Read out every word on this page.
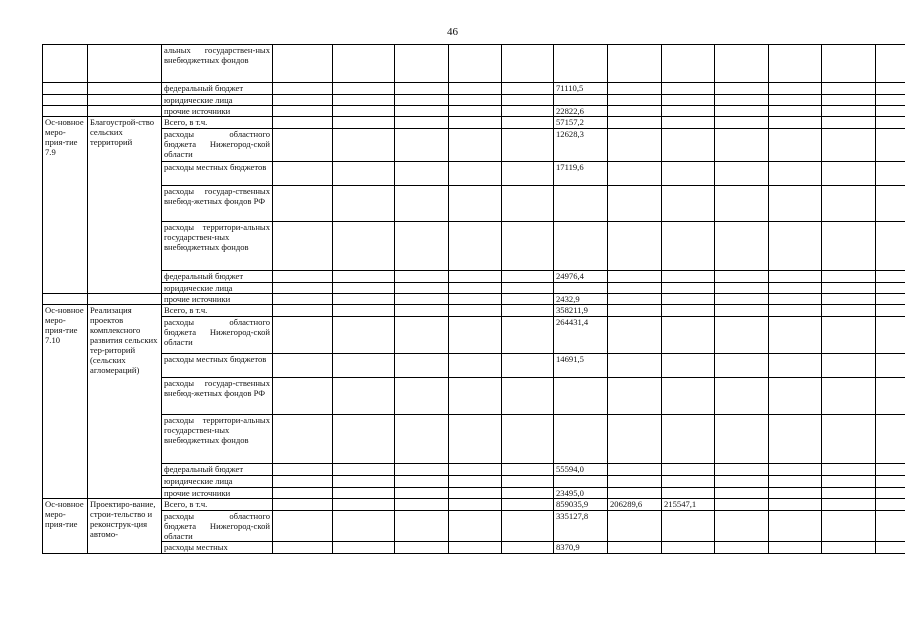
46
		альных государствен-ных внебюджетных фондов												
		федеральный бюджет						71110,5						
		юридические лица												
		прочие источники						22822,6						
Ос-новное меро-прия-тие 7.9	Благоустрой-ство сельских территорий	Всего, в т.ч.						57157,2						
		расходы областного бюджета Нижегород-ской области						12628,3						
		расходы местных бюджетов						17119,6						
		расходы государ-ственных внебюд-жетных фондов РФ												
		расходы территори-альных государствен-ных внебюджетных фондов												
		федеральный бюджет						24976,4						
		юридические лица												
		прочие источники						2432,9						
Ос-новное меро-прия-тие 7.10	Реализация проектов комплексного развития сельских тер-риторий (сельских агломераций)	Всего, в т.ч.						358211,9						
		расходы областного бюджета Нижегород-ской области						264431,4						
		расходы местных бюджетов						14691,5						
		расходы государ-ственных внебюд-жетных фондов РФ												
		расходы территори-альных государствен-ных внебюджетных фондов												
		федеральный бюджет						55594,0						
		юридические лица												
		прочие источники						23495,0						
Ос-новное меро-прия-тие	Проектиро-вание, строи-тельство и реконструк-ция автомо-	Всего, в т.ч.						859035,9	206289,6	215547,1				
		расходы областного бюджета Нижегород-ской области						335127,8						
		расходы местных						8370,9						
